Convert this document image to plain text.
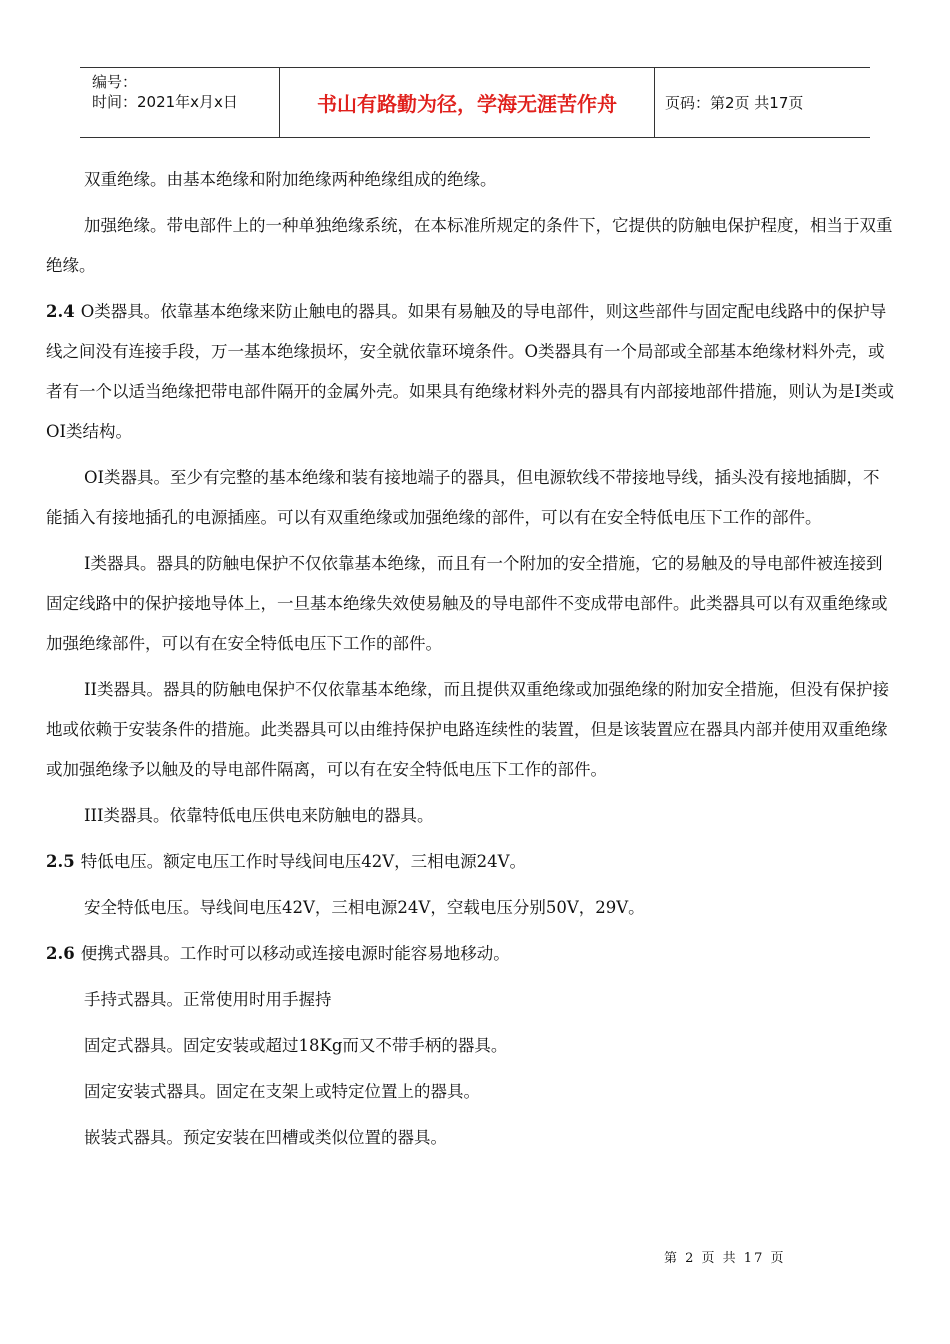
编号：
时间：2021年x月x日	书山有路勤为径，学海无涯苦作舟	页码：第2页 共17页

双重绝缘。由基本绝缘和附加绝缘两种绝缘组成的绝缘。

加强绝缘。带电部件上的一种单独绝缘系统，在本标准所规定的条件下，它提供的防触电保护程度，相当于双重绝缘。

2.4 O类器具。依靠基本绝缘来防止触电的器具。如果有易触及的导电部件，则这些部件与固定配电线路中的保护导线之间没有连接手段，万一基本绝缘损坏，安全就依靠环境条件。O类器具有一个局部或全部基本绝缘材料外壳，或者有一个以适当绝缘把带电部件隔开的金属外壳。如果具有绝缘材料外壳的器具有内部接地部件措施，则认为是I类或OI类结构。

OI类器具。至少有完整的基本绝缘和装有接地端子的器具，但电源软线不带接地导线，插头没有接地插脚，不能插入有接地插孔的电源插座。可以有双重绝缘或加强绝缘的部件，可以有在安全特低电压下工作的部件。

I类器具。器具的防触电保护不仅依靠基本绝缘，而且有一个附加的安全措施，它的易触及的导电部件被连接到固定线路中的保护接地导体上，一旦基本绝缘失效使易触及的导电部件不变成带电部件。此类器具可以有双重绝缘或加强绝缘部件，可以有在安全特低电压下工作的部件。

II类器具。器具的防触电保护不仅依靠基本绝缘，而且提供双重绝缘或加强绝缘的附加安全措施，但没有保护接地或依赖于安装条件的措施。此类器具可以由维持保护电路连续性的装置，但是该装置应在器具内部并使用双重绝缘或加强绝缘予以触及的导电部件隔离，可以有在安全特低电压下工作的部件。

III类器具。依靠特低电压供电来防触电的器具。

2.5 特低电压。额定电压工作时导线间电压42V，三相电源24V。

安全特低电压。导线间电压42V，三相电源24V，空载电压分别50V，29V。

2.6 便携式器具。工作时可以移动或连接电源时能容易地移动。

手持式器具。正常使用时用手握持

固定式器具。固定安装或超过18Kg而又不带手柄的器具。

固定安装式器具。固定在支架上或特定位置上的器具。

嵌装式器具。预定安装在凹槽或类似位置的器具。

第 2 页 共 17 页
